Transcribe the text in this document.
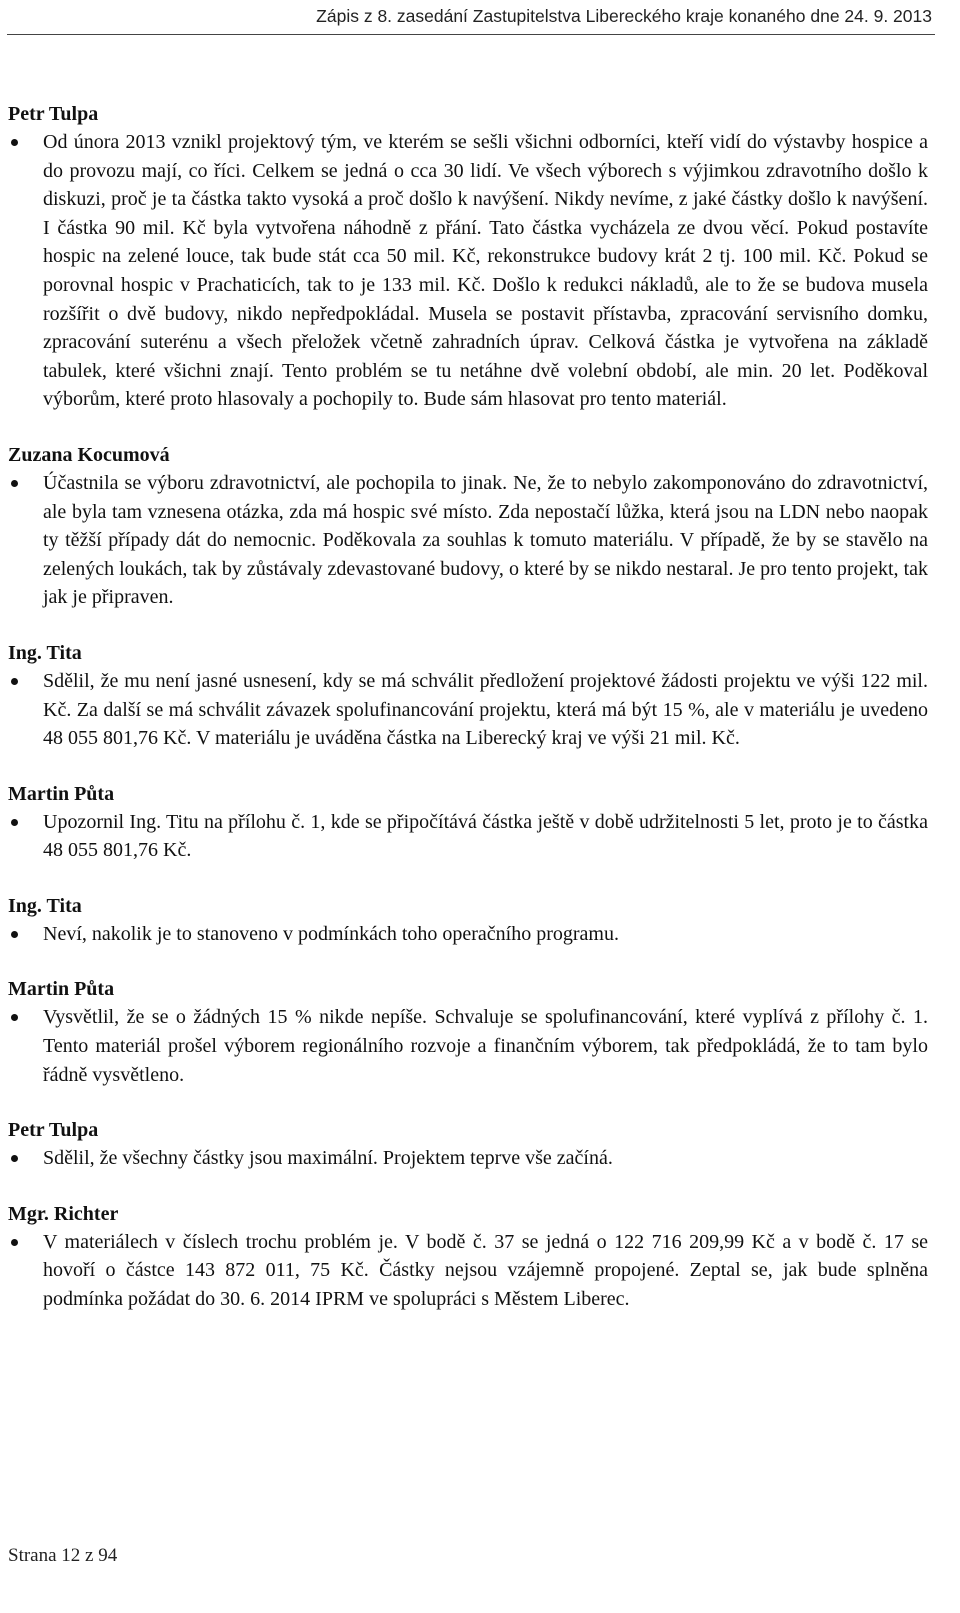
Zápis z 8. zasedání Zastupitelstva Libereckého kraje konaného dne 24. 9. 2013

Petr Tulpa

Od února 2013 vznikl projektový tým, ve kterém se sešli všichni odborníci, kteří vidí do výstavby hospice a do provozu mají, co říci. Celkem se jedná o cca 30 lidí. Ve všech výborech s výjimkou zdravotního došlo k diskuzi, proč je ta částka takto vysoká a proč došlo k navýšení. Nikdy nevíme, z jaké částky došlo k navýšení. I částka 90 mil. Kč byla vytvořena náhodně z přání. Tato částka vycházela ze dvou věcí. Pokud postavíte hospic na zelené louce, tak bude stát cca 50 mil. Kč, rekonstrukce budovy krát 2 tj. 100 mil. Kč. Pokud se porovnal hospic v Prachaticích, tak to je 133 mil. Kč. Došlo k redukci nákladů, ale to že se budova musela rozšířit o dvě budovy, nikdo nepředpokládal. Musela se postavit přístavba, zpracování servisního domku, zpracování suterénu a všech přeložek včetně zahradních úprav. Celková částka je vytvořena na základě tabulek, které všichni znají. Tento problém se tu netáhne dvě volební období, ale min. 20 let. Poděkoval výborům, které proto hlasovaly a pochopily to. Bude sám hlasovat pro tento materiál.

Zuzana Kocumová

Účastnila se výboru zdravotnictví, ale pochopila to jinak. Ne, že to nebylo zakomponováno do zdravotnictví, ale byla tam vznesena otázka, zda má hospic své místo. Zda nepostačí lůžka, která jsou na LDN nebo naopak ty těžší případy dát do nemocnic. Poděkovala za souhlas k tomuto materiálu. V případě, že by se stavělo na zelených loukách, tak by zůstávaly zdevastované budovy, o které by se nikdo nestaral. Je pro tento projekt, tak jak je připraven.

Ing. Tita

Sdělil, že mu není jasné usnesení, kdy se má schválit předložení projektové žádosti projektu ve výši 122 mil. Kč. Za další se má schválit závazek spolufinancování projektu, která má být 15 %, ale v materiálu je uvedeno 48 055 801,76 Kč. V materiálu je uváděna částka na Liberecký kraj ve výši 21 mil. Kč.

Martin Půta

Upozornil Ing. Titu na přílohu č. 1, kde se připočítává částka ještě v době udržitelnosti 5 let, proto je to částka 48 055 801,76 Kč.

Ing. Tita

Neví, nakolik je to stanoveno v podmínkách toho operačního programu.

Martin Půta

Vysvětlil, že se o žádných 15 % nikde nepíše. Schvaluje se spolufinancování, které vyplívá z přílohy č. 1. Tento materiál prošel výborem regionálního rozvoje a finančním výborem, tak předpokládá, že to tam bylo řádně vysvětleno.

Petr Tulpa

Sdělil, že všechny částky jsou maximální. Projektem teprve vše začíná.

Mgr. Richter

V materiálech v číslech trochu problém je. V bodě č. 37 se jedná o 122 716 209,99 Kč a v bodě č. 17 se hovoří o částce 143 872 011, 75 Kč. Částky nejsou vzájemně propojené. Zeptal se, jak bude splněna podmínka požádat do 30. 6. 2014 IPRM ve spolupráci s Městem Liberec.
Strana 12 z 94
